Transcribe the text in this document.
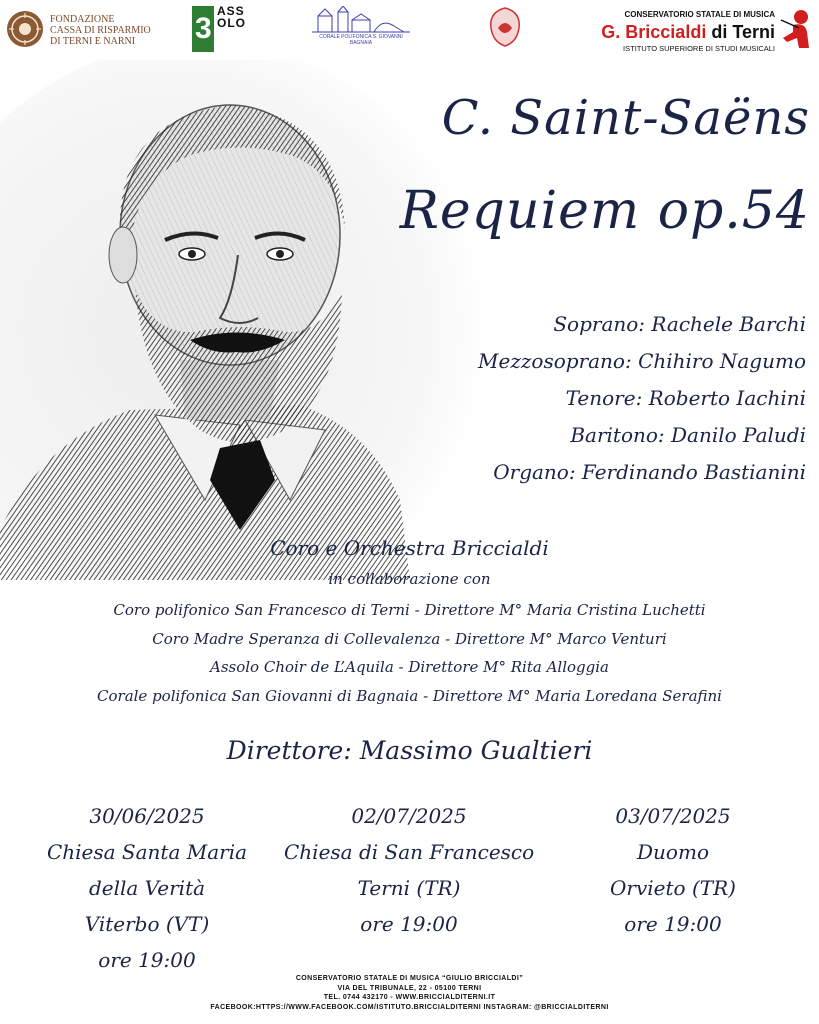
FONDAZIONE
CASSA DI RISPARMIO
DI TERNI E NARNI	3
ASSOLO
CORALE POLIFONICA S. GIOVANNI BAGNAIA
CONSERVATORIO STATALE DI MUSICA
G. Briccialdi di Terni
ISTITUTO SUPERIORE DI STUDI MUSICALI
C. Saint-Saëns
Requiem op.54
Soprano: Rachele Barchi
Mezzosoprano: Chihiro Nagumo
Tenore: Roberto Iachini
Baritono: Danilo Paludi
Organo: Ferdinando Bastianini
Coro e Orchestra Briccialdi
in collaborazione con
Coro polifonico San Francesco di Terni - Direttore M° Maria Cristina Luchetti
Coro Madre Speranza di Collevalenza - Direttore M° Marco Venturi
Assolo Choir de L’Aquila - Direttore M° Rita Alloggia
Corale polifonica San Giovanni di Bagnaia - Direttore M° Maria Loredana Serafini
Direttore: Massimo Gualtieri
30/06/2025
Chiesa Santa Maria
della Verità
Viterbo (VT)
ore 19:00
02/07/2025
Chiesa di San Francesco
Terni (TR)
ore 19:00
03/07/2025
Duomo
Orvieto (TR)
ore 19:00
CONSERVATORIO STATALE DI MUSICA “GIULIO BRICCIALDI”
VIA DEL TRIBUNALE, 22 - 05100 TERNI
TEL. 0744 432170 - WWW.BRICCIALDITERNI.IT
FACEBOOK:HTTPS://WWW.FACEBOOK.COM/ISTITUTO.BRICCIALDITERNI INSTAGRAM: @BRICCIALDITERNI
